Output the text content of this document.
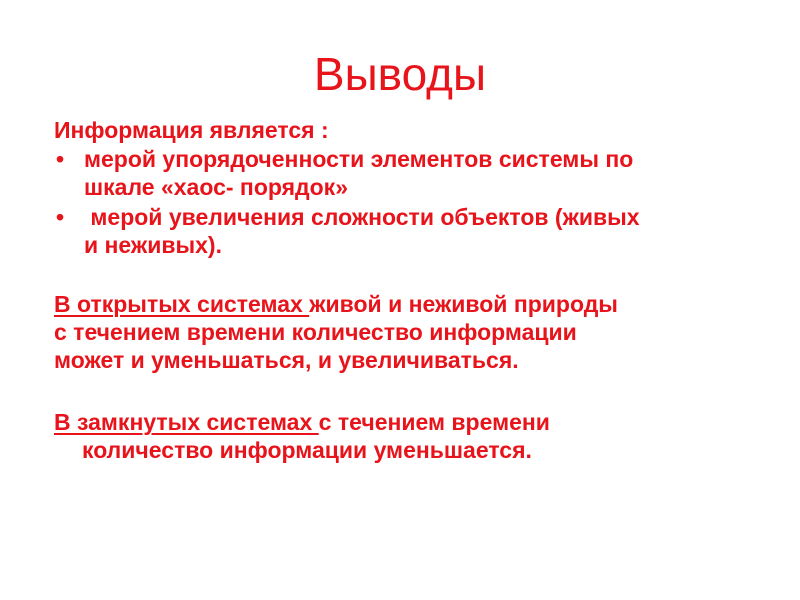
Выводы
Информация является :
• мерой упорядоченности элементов системы по
шкале «хаос- порядок»
• мерой увеличения сложности объектов (живых
и неживых).
В открытых системах живой и неживой природы
с течением времени количество информации
может и уменьшаться, и увеличиваться.
В замкнутых системах с течением времени
количество информации уменьшается.
